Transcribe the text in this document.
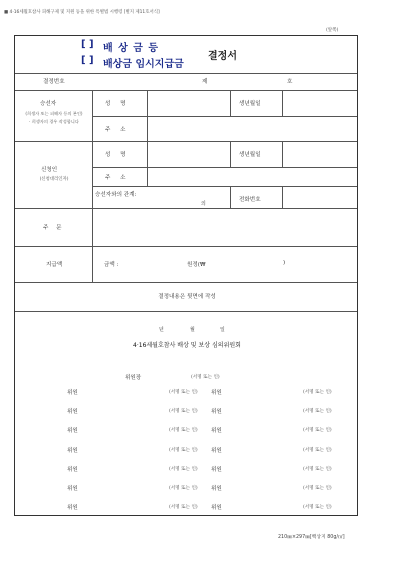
■ 4·16세월호참사 피해구제 및 지원 등을 위한 특별법 시행령 [별지 제11호서식]
(앞쪽)
[ ] 배 상 금 등
[ ] 배상금 임시지급금
결정서
결정번호	제	호
승선자
(희생자 또는 피해자 등의 본인)
· 희생자의 경우 작성합니다
성 명	생년월일
주 소
신청인
(신청대리인자)
성 명	생년월일
주 소
승선자와의 관계:
의
전화번호
주 문
지급액	금액 :	원정(₩	)
결정내용은 뒷면에 작성
년	월	일
4·16세월호참사 배상 및 보상 심의위원회
위원장	(서명 또는 인)
위원	(서명 또는 인) 위원	(서명 또는 인)
위원	(서명 또는 인) 위원	(서명 또는 인)
위원	(서명 또는 인) 위원	(서명 또는 인)
위원	(서명 또는 인) 위원	(서명 또는 인)
위원	(서명 또는 인) 위원	(서명 또는 인)
위원	(서명 또는 인) 위원	(서명 또는 인)
위원	(서명 또는 인) 위원	(서명 또는 인)
210㎜×297㎜[백상지 80g/㎡]
